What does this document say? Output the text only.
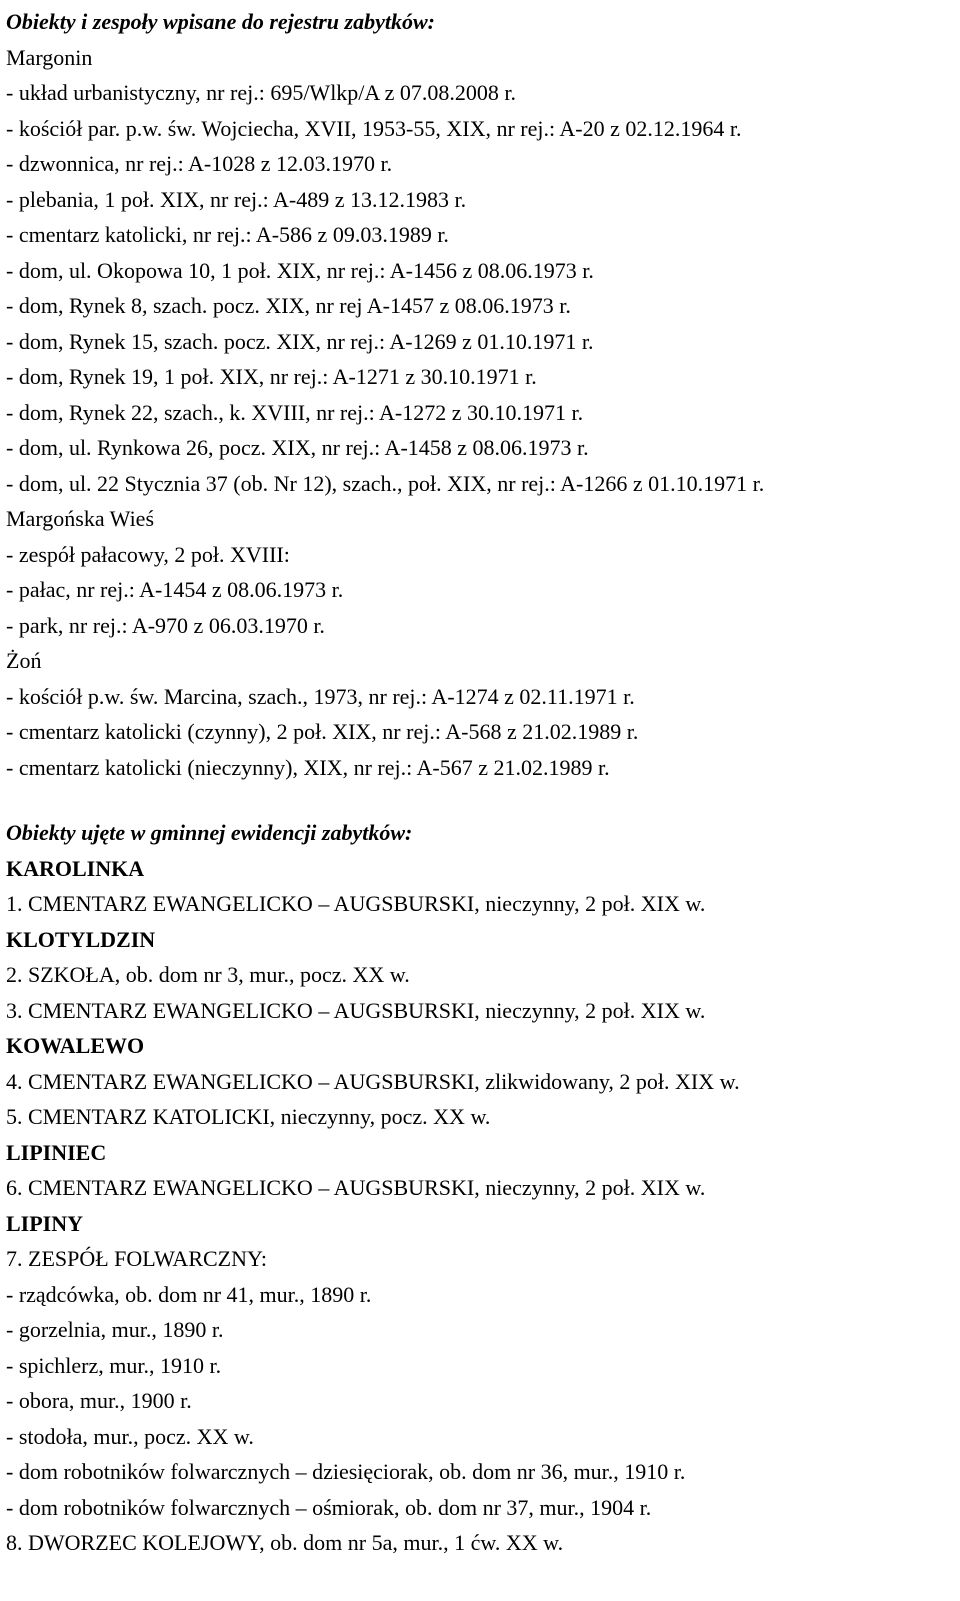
Obiekty i zespoły wpisane do rejestru zabytków:

Margonin

- układ urbanistyczny, nr rej.: 695/Wlkp/A z 07.08.2008 r.

- kościół par. p.w. św. Wojciecha, XVII, 1953-55, XIX, nr rej.: A-20 z 02.12.1964 r.

- dzwonnica, nr rej.: A-1028 z 12.03.1970 r.

- plebania, 1 poł. XIX, nr rej.: A-489 z 13.12.1983 r.

- cmentarz katolicki, nr rej.: A-586 z 09.03.1989 r.

- dom, ul. Okopowa 10, 1 poł. XIX, nr rej.: A-1456 z 08.06.1973 r.

- dom, Rynek 8, szach. pocz. XIX, nr rej A-1457 z 08.06.1973 r.

- dom, Rynek 15, szach. pocz. XIX, nr rej.: A-1269 z 01.10.1971 r.

- dom, Rynek 19, 1 poł. XIX, nr rej.: A-1271 z 30.10.1971 r.

- dom, Rynek 22, szach., k. XVIII, nr rej.: A-1272 z 30.10.1971 r.

- dom, ul. Rynkowa 26, pocz. XIX, nr rej.: A-1458 z 08.06.1973 r.

- dom, ul. 22 Stycznia 37 (ob. Nr 12), szach., poł. XIX, nr rej.: A-1266 z 01.10.1971 r.

Margońska Wieś

- zespół pałacowy, 2 poł. XVIII:

- pałac, nr rej.: A-1454 z 08.06.1973 r.

- park, nr rej.: A-970 z 06.03.1970 r.

Żoń

- kościół p.w. św. Marcina, szach., 1973, nr rej.: A-1274 z 02.11.1971 r.

- cmentarz katolicki (czynny), 2 poł. XIX, nr rej.: A-568 z 21.02.1989 r.

- cmentarz katolicki (nieczynny), XIX, nr rej.: A-567 z 21.02.1989 r.

Obiekty ujęte w gminnej ewidencji zabytków:

KAROLINKA

1. CMENTARZ EWANGELICKO – AUGSBURSKI, nieczynny, 2 poł. XIX w.

KLOTYLDZIN

2. SZKOŁA, ob. dom nr 3, mur., pocz. XX w.

3. CMENTARZ EWANGELICKO – AUGSBURSKI, nieczynny, 2 poł. XIX w.

KOWALEWO

4. CMENTARZ EWANGELICKO – AUGSBURSKI, zlikwidowany, 2 poł. XIX w.

5. CMENTARZ KATOLICKI, nieczynny, pocz. XX w.

LIPINIEC

6. CMENTARZ EWANGELICKO – AUGSBURSKI, nieczynny, 2 poł. XIX w.

LIPINY

7. ZESPÓŁ FOLWARCZNY:

- rządcówka, ob. dom nr 41, mur., 1890 r.

- gorzelnia, mur., 1890 r.

- spichlerz, mur., 1910 r.

- obora, mur., 1900 r.

- stodoła, mur., pocz. XX w.

- dom robotników folwarcznych – dziesięciorak, ob. dom nr 36, mur., 1910 r.

- dom robotników folwarcznych – ośmiorak, ob. dom nr 37, mur., 1904 r.

8. DWORZEC KOLEJOWY, ob. dom nr 5a, mur., 1 ćw. XX w.
